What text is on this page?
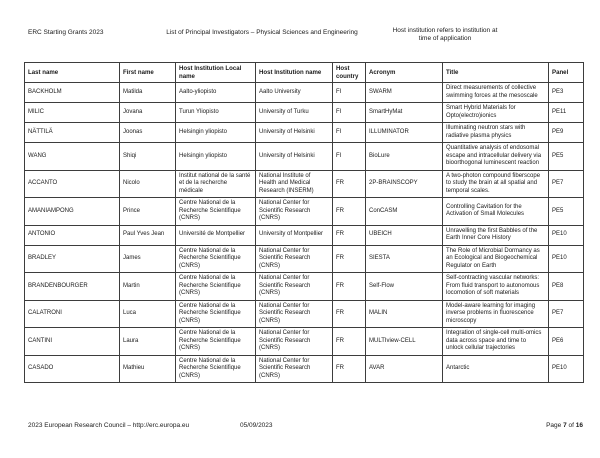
ERC Starting Grants 2023	List of Principal Investigators – Physical Sciences and Engineering	Host institution refers to institution at time of application
Last name	First name	Host Institution Local name	Host Institution name	Host country	Acronym	Title	Panel
BACKHOLM	Matilda	Aalto-yliopisto	Aalto University	FI	SWARM	Direct measurements of collective swimming forces at the mesoscale	PE3
MILIC	Jovana	Turun Yliopisto	University of Turku	FI	SmartHyMat	Smart Hybrid Materials for Opto(electro)ionics	PE11
NÄTTILÄ	Joonas	Helsingin yliopisto	University of Helsinki	FI	ILLUMINATOR	Illuminating neutron stars with radiative plasma physics	PE9
WANG	Shiqi	Helsingin yliopisto	University of Helsinki	FI	BioLure	Quantitative analysis of endosomal escape and intracellular delivery via bioorthogonal luminescent reaction	PE5
ACCANTO	Nicolo	Institut national de la santé et de la recherche médicale	National Institute of Health and Medical Research (INSERM)	FR	2P-BRAINSCOPY	A two-photon compound fiberscope to study the brain at all spatial and temporal scales.	PE7
AMANIAMPONG	Prince	Centre National de la Recherche Scientifique (CNRS)	National Center for Scientific Research (CNRS)	FR	ConCASM	Controlling Cavitation for the Activation of Small Molecules	PE5
ANTONIO	Paul Yves Jean	Université de Montpellier	University of Montpellier	FR	UBEICH	Unravelling the first Babbles of the Earth Inner Core History	PE10
BRADLEY	James	Centre National de la Recherche Scientifique (CNRS)	National Center for Scientific Research (CNRS)	FR	SIESTA	The Role of Microbial Dormancy as an Ecological and Biogeochemical Regulator on Earth	PE10
BRANDENBOURGER	Martin	Centre National de la Recherche Scientifique (CNRS)	National Center for Scientific Research (CNRS)	FR	Self-Flow	Self-contracting vascular networks: From fluid transport to autonomous locomotion of soft materials	PE8
CALATRONI	Luca	Centre National de la Recherche Scientifique (CNRS)	National Center for Scientific Research (CNRS)	FR	MALIN	Model-aware learning for imaging inverse problems in fluorescence microscopy	PE7
CANTINI	Laura	Centre National de la Recherche Scientifique (CNRS)	National Center for Scientific Research (CNRS)	FR	MULTIview-CELL	Integration of single-cell multi-omics data across space and time to unlock cellular trajectories	PE6
CASADO	Mathieu	Centre National de la Recherche Scientifique (CNRS)	National Center for Scientific Research (CNRS)	FR	AVAR	Antarctic	PE10
2023 European Research Council – http://erc.europa.eu	05/09/2023	Page 7 of 16
